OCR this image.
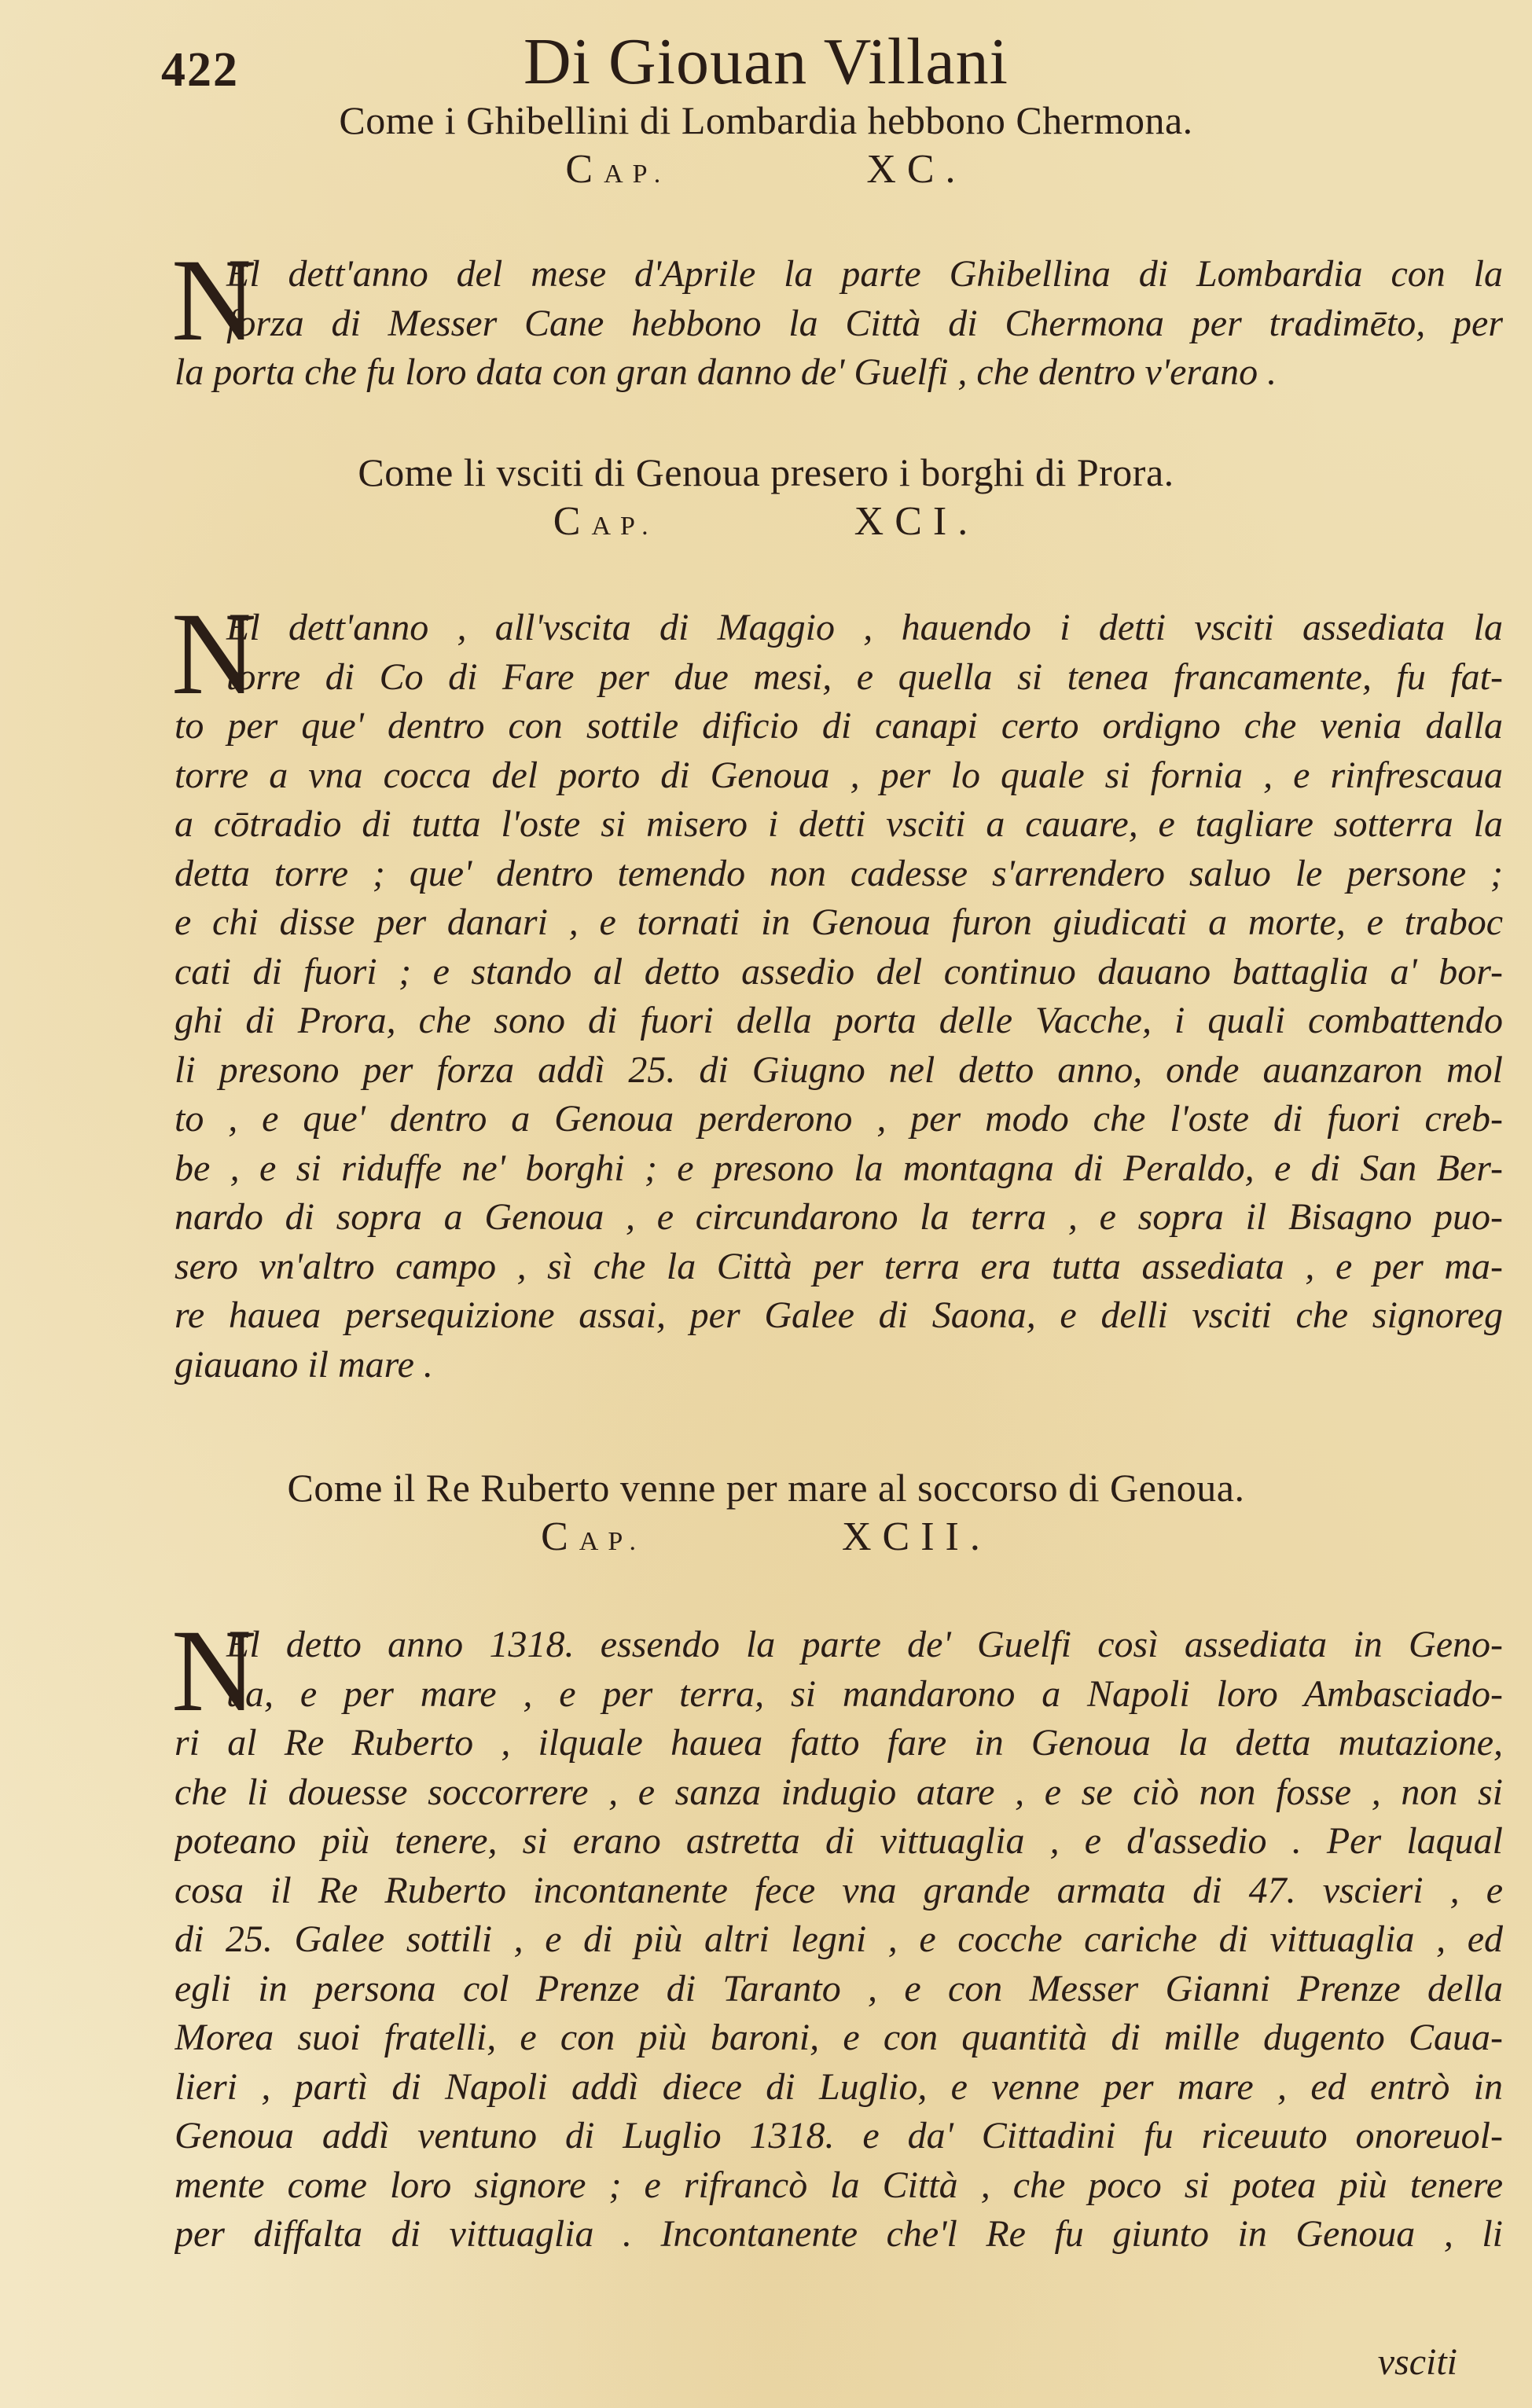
422	Di Giouan Villani
Come i Ghibellini di Lombardia hebbono Chermona.
CAP.	XC.
N
El dett'anno del mese d'Aprile la parte Ghibellina di Lombardia con la
forza di Messer Cane hebbono la Città di Chermona per tradimēto, per
la porta che fu loro data con gran danno de' Guelfi , che dentro v'erano .
Come li vsciti di Genoua presero i borghi di Prora.
CAP.	XCI.
N
El dett'anno , all'vscita di Maggio , hauendo i detti vsciti assediata la
torre di Co di Fare per due mesi, e quella si tenea francamente, fu fat-
to per que' dentro con sottile dificio di canapi certo ordigno che venia dalla
torre a vna cocca del porto di Genoua , per lo quale si fornia , e rinfrescaua
a cōtradio di tutta l'oste si misero i detti vsciti a cauare, e tagliare sotterra la
detta torre ; que' dentro temendo non cadesse s'arrendero saluo le persone ;
e chi disse per danari , e tornati in Genoua furon giudicati a morte, e traboc
cati di fuori ; e stando al detto assedio del continuo dauano battaglia a' bor-
ghi di Prora, che sono di fuori della porta delle Vacche, i quali combattendo
li presono per forza addì 25. di Giugno nel detto anno, onde auanzaron mol
to , e que' dentro a Genoua perderono , per modo che l'oste di fuori creb-
be , e si riduffe ne' borghi ; e presono la montagna di Peraldo, e di San Ber-
nardo di sopra a Genoua , e circundarono la terra , e sopra il Bisagno puo-
sero vn'altro campo , sì che la Città per terra era tutta assediata , e per ma-
re hauea persequizione assai, per Galee di Saona, e delli vsciti che signoreg
giauano il mare .
Come il Re Ruberto venne per mare al soccorso di Genoua.
CAP.	XCII.
N
El detto anno 1318. essendo la parte de' Guelfi così assediata in Geno-
ua, e per mare , e per terra, si mandarono a Napoli loro Ambasciado-
ri al Re Ruberto , ilquale hauea fatto fare in Genoua la detta mutazione,
che li douesse soccorrere , e sanza indugio atare , e se ciò non fosse , non si
poteano più tenere, si erano astretta di vittuaglia , e d'assedio . Per laqual
cosa il Re Ruberto incontanente fece vna grande armata di 47. vscieri , e
di 25. Galee sottili , e di più altri legni , e cocche cariche di vittuaglia , ed
egli in persona col Prenze di Taranto , e con Messer Gianni Prenze della
Morea suoi fratelli, e con più baroni, e con quantità di mille dugento Caua-
lieri , partì di Napoli addì diece di Luglio, e venne per mare , ed entrò in
Genoua addì ventuno di Luglio 1318. e da' Cittadini fu riceuuto onoreuol-
mente come loro signore ; e rifrancò la Città , che poco si potea più tenere
per diffalta di vittuaglia . Incontanente che'l Re fu giunto in Genoua , li
vsciti
